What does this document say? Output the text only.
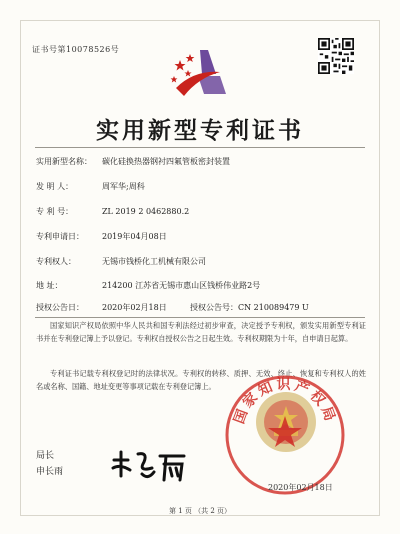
证书号第10078526号
实用新型专利证书
实用新型名称： 碳化硅换热器钢衬四氟管板密封装置
发 明 人：	周军华;周科
专 利 号：	ZL 2019 2 0462880.2
专利申请日： 2019年04月08日
专利权人：	无锡市钱桥化工机械有限公司
地 址：	214200 江苏省无锡市惠山区钱桥伟业路2号
授权公告日： 2020年02月18日	授权公告号：CN 210089479 U
国家知识产权局依照中华人民共和国专利法经过初步审查，决定授予专利权，颁发实用新型专利证书并在专利登记簿上予以登记。专利权自授权公告之日起生效。专利权期限为十年，自申请日起算。
专利证书记载专利权登记时的法律状况。专利权的转移、质押、无效、终止、恢复和专利权人的姓名或名称、国籍、地址变更等事项记载在专利登记簿上。
国家知识产权局
局长
申长雨
2020年02月18日
第 1 页 （共 2 页）
